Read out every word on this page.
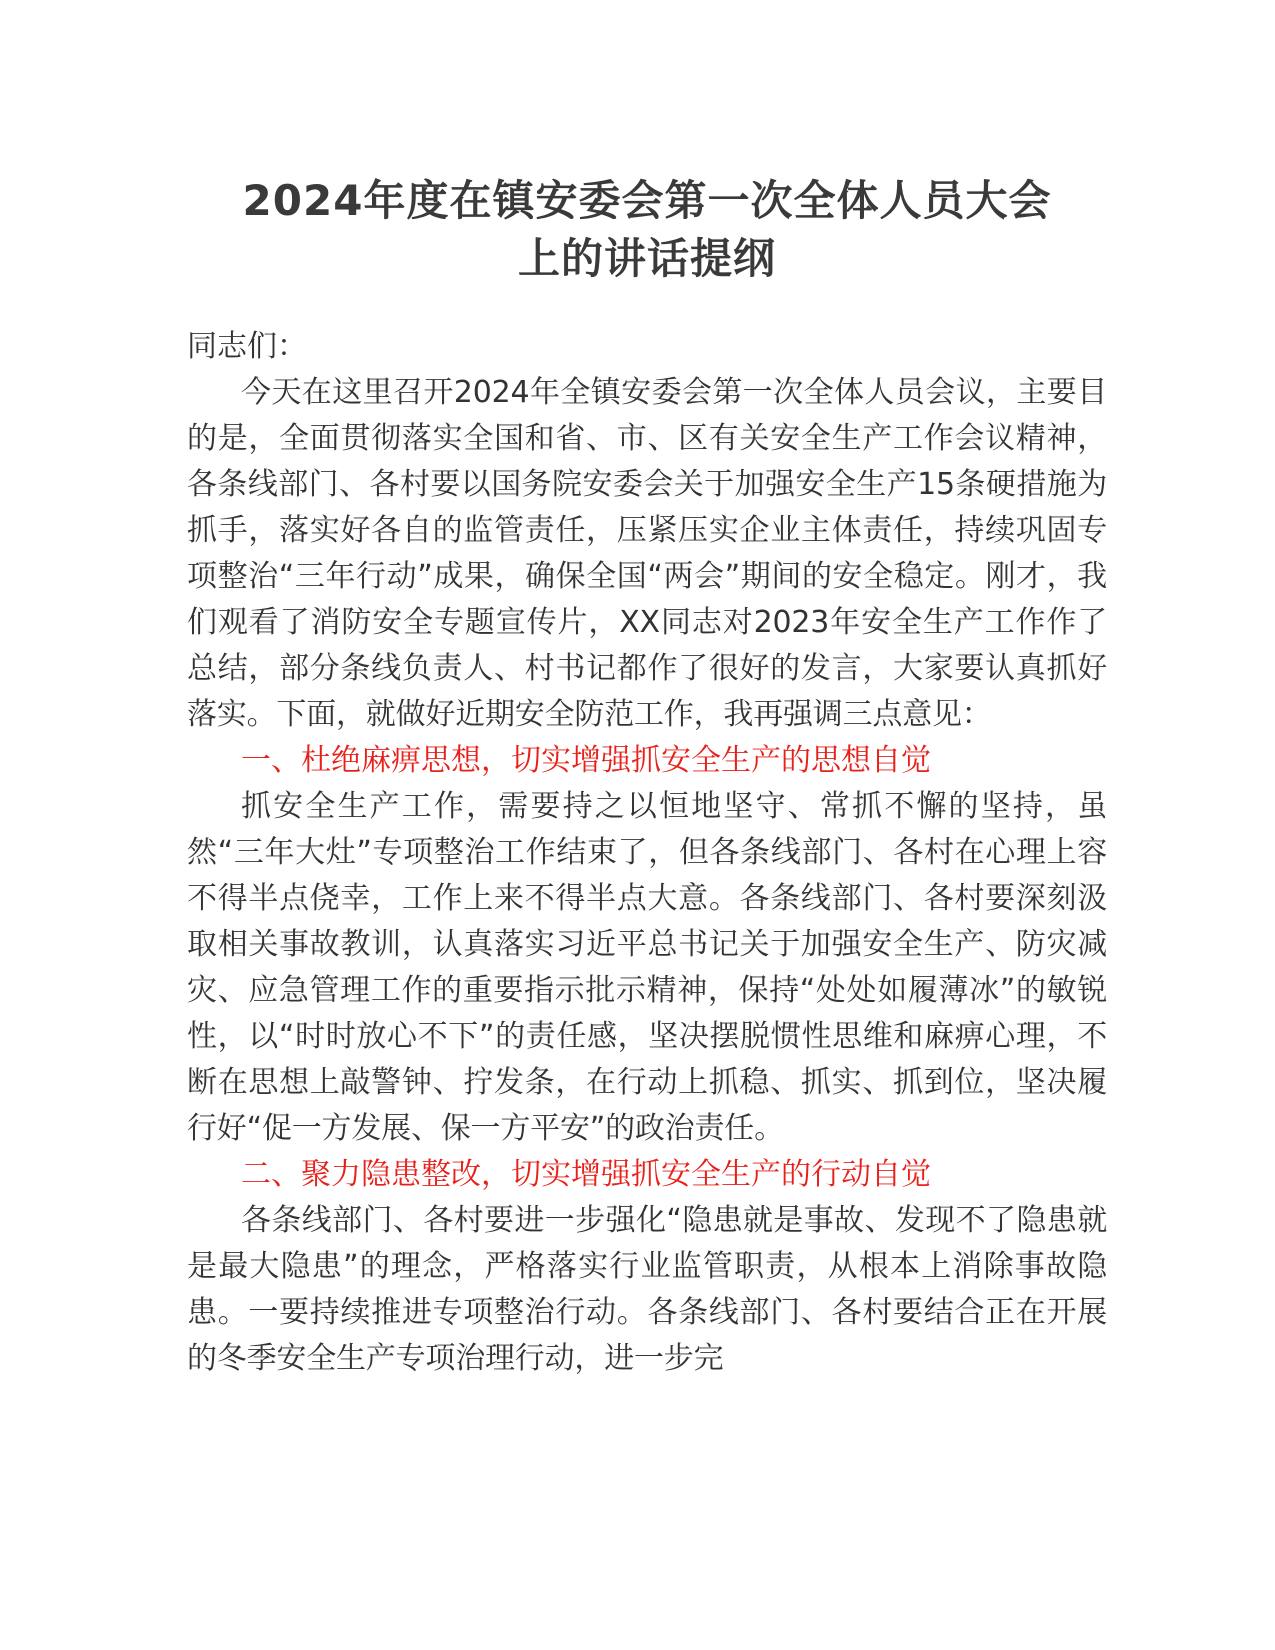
2024年度在镇安委会第一次全体人员大会
上的讲话提纲

同志们：

今天在这里召开2024年全镇安委会第一次全体人员会议，主要目的是，全面贯彻落实全国和省、市、区有关安全生产工作会议精神，各条线部门、各村要以国务院安委会关于加强安全生产15条硬措施为抓手，落实好各自的监管责任，压紧压实企业主体责任，持续巩固专项整治“三年行动”成果，确保全国“两会”期间的安全稳定。刚才，我们观看了消防安全专题宣传片，XX同志对2023年安全生产工作作了总结，部分条线负责人、村书记都作了很好的发言，大家要认真抓好落实。下面，就做好近期安全防范工作，我再强调三点意见：

一、杜绝麻痹思想，切实增强抓安全生产的思想自觉

抓安全生产工作，需要持之以恒地坚守、常抓不懈的坚持，虽然“三年大灶”专项整治工作结束了，但各条线部门、各村在心理上容不得半点侥幸，工作上来不得半点大意。各条线部门、各村要深刻汲取相关事故教训，认真落实习近平总书记关于加强安全生产、防灾减灾、应急管理工作的重要指示批示精神，保持“处处如履薄冰”的敏锐性，以“时时放心不下”的责任感，坚决摆脱惯性思维和麻痹心理，不断在思想上敲警钟、拧发条，在行动上抓稳、抓实、抓到位，坚决履行好“促一方发展、保一方平安”的政治责任。

二、聚力隐患整改，切实增强抓安全生产的行动自觉

各条线部门、各村要进一步强化“隐患就是事故、发现不了隐患就是最大隐患”的理念，严格落实行业监管职责，从根本上消除事故隐患。一要持续推进专项整治行动。各条线部门、各村要结合正在开展的冬季安全生产专项治理行动，进一步完
